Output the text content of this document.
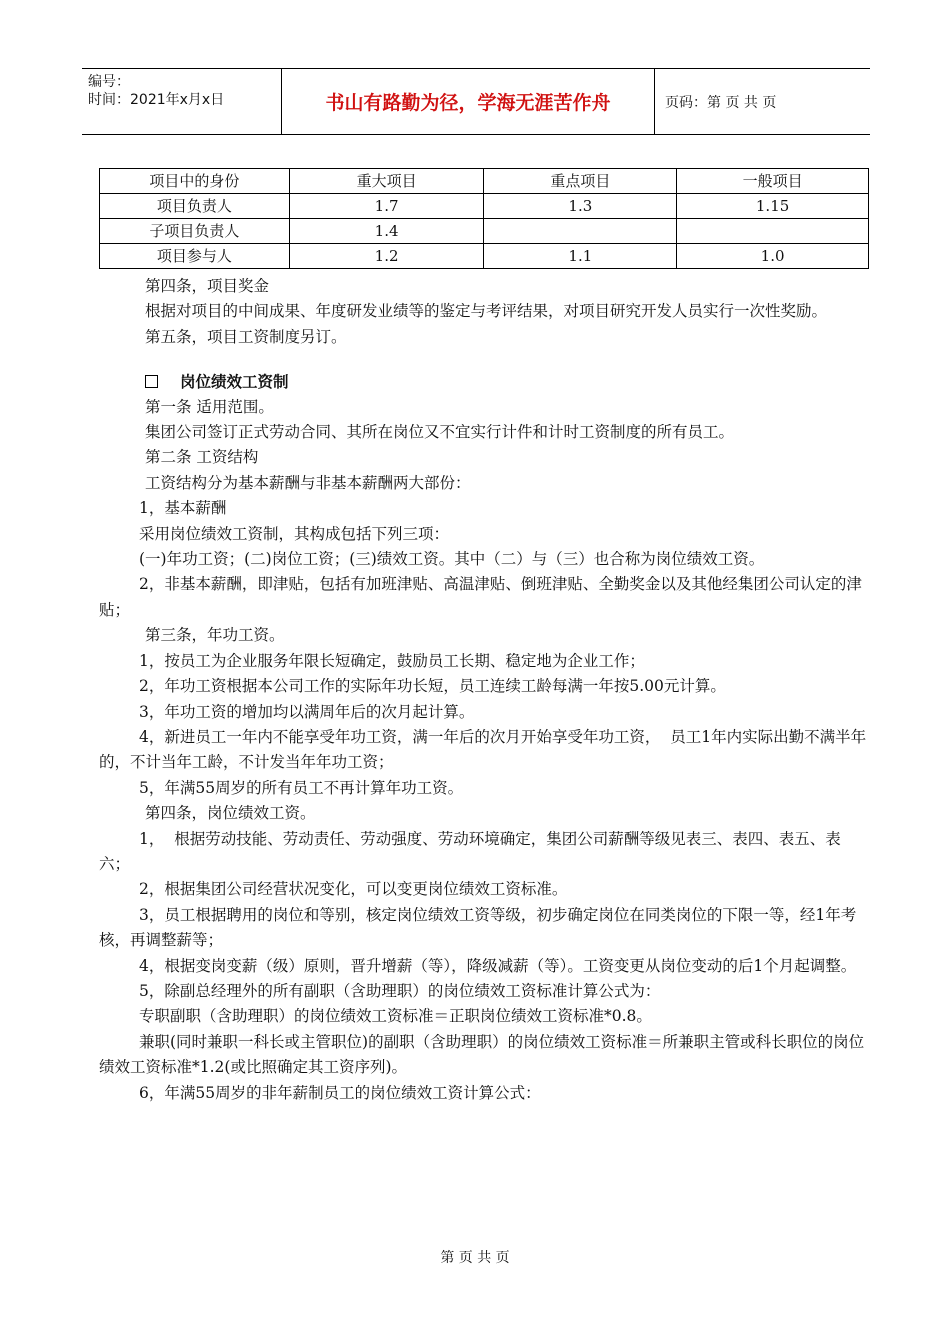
编号：
时间：2021年x月x日	书山有路勤为径，学海无涯苦作舟	页码：第 页 共 页
项目中的身份	重大项目	重点项目	一般项目
项目负责人	1.7	1.3	1.15
子项目负责人	1.4		
项目参与人	1.2	1.1	1.0

第四条，项目奖金

根据对项目的中间成果、年度研发业绩等的鉴定与考评结果，对项目研究开发人员实行一次性奖励。

第五条，项目工资制度另订。

岗位绩效工资制

第一条 适用范围。

集团公司签订正式劳动合同、其所在岗位又不宜实行计件和计时工资制度的所有员工。

第二条 工资结构

工资结构分为基本薪酬与非基本薪酬两大部份：

1，基本薪酬

采用岗位绩效工资制，其构成包括下列三项：

(一)年功工资；(二)岗位工资；(三)绩效工资。其中（二）与（三）也合称为岗位绩效工资。

2，非基本薪酬，即津贴，包括有加班津贴、高温津贴、倒班津贴、全勤奖金以及其他经集团公司认定的津贴；

第三条，年功工资。

1，按员工为企业服务年限长短确定，鼓励员工长期、稳定地为企业工作；

2，年功工资根据本公司工作的实际年功长短，员工连续工龄每满一年按5.00元计算。

3，年功工资的增加均以满周年后的次月起计算。

4，新进员工一年内不能享受年功工资，满一年后的次月开始享受年功工资，  员工1年内实际出勤不满半年的，不计当年工龄，不计发当年年功工资；

5，年满55周岁的所有员工不再计算年功工资。

第四条，岗位绩效工资。

1，  根据劳动技能、劳动责任、劳动强度、劳动环境确定，集团公司薪酬等级见表三、表四、表五、表六；

2，根据集团公司经营状况变化，可以变更岗位绩效工资标准。

3，员工根据聘用的岗位和等别，核定岗位绩效工资等级，初步确定岗位在同类岗位的下限一等，经1年考核，再调整薪等；

4，根据变岗变薪（级）原则，晋升增薪（等），降级减薪（等）。工资变更从岗位变动的后1个月起调整。

5，除副总经理外的所有副职（含助理职）的岗位绩效工资标准计算公式为：

专职副职（含助理职）的岗位绩效工资标准＝正职岗位绩效工资标准*0.8。

兼职(同时兼职一科长或主管职位)的副职（含助理职）的岗位绩效工资标准＝所兼职主管或科长职位的岗位绩效工资标准*1.2(或比照确定其工资序列)。

6，年满55周岁的非年薪制员工的岗位绩效工资计算公式：

第 页 共 页
